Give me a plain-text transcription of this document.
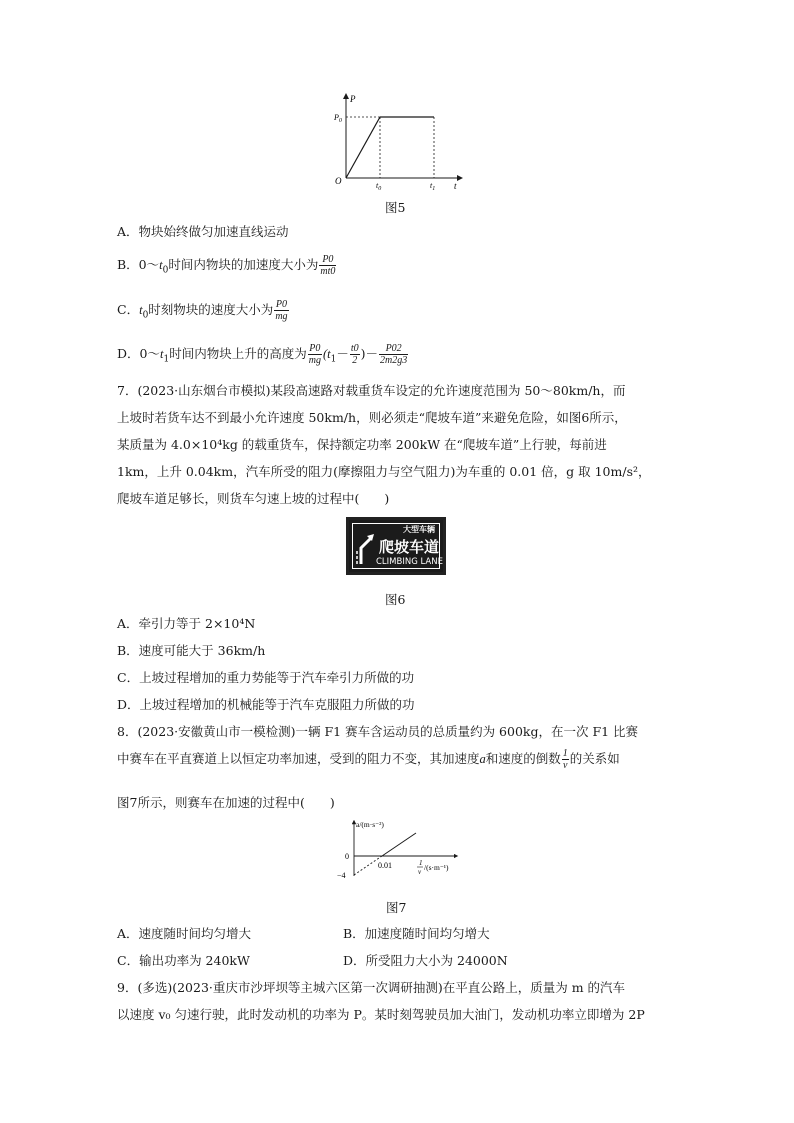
P
t
O
$P_0$
$t_0$	$t_1$
图5
A．物块始终做匀加速直线运动
B．$0\sim t_0$时间内物块的加速度大小为 $\frac{P0}{mt0}$
C．$t_0$时刻物块的速度大小为 $\frac{P0}{mg}$
D．$0\sim t_1$时间内物块上升的高度为 $\frac{P0}{mg} (t_1- \frac{t0}{2}$ )－ $\frac{P02}{2m2g3}$
7．(2023·山东烟台市模拟)某段高速路对载重货车设定的允许速度范围为 50～80km/h，而
上坡时若货车达不到最小允许速度 50km/h，则必须走“爬坡车道”来避免危险，如图6所示，
某质量为 4.0×10⁴kg 的载重货车，保持额定功率 200kW 在“爬坡车道”上行驶，每前进
1km，上升 0.04km，汽车所受的阻力(摩擦阻力与空气阻力)为车重的 0.01 倍，g 取 10m/s²，
爬坡车道足够长，则货车匀速上坡的过程中(　　)
大型车辆
爬坡车道
CLIMBING LANE
图6
A．牵引力等于 2×10⁴N
B．速度可能大于 36km/h
C．上坡过程增加的重力势能等于汽车牵引力所做的功
D．上坡过程增加的机械能等于汽车克服阻力所做的功
8．(2023·安徽黄山市一模检测)一辆 F1 赛车含运动员的总质量约为 600kg，在一次 F1 比赛
中赛车在平直赛道上以恒定功率加速，受到的阻力不变，其加速度a和速度的倒数 $\frac{1}{v}$ 的关系如
图7所示，则赛车在加速的过程中(　　)
a/(m·s⁻²)
0
−4
0.01	1
v /(s·m⁻¹)
图7
A．速度随时间均匀增大	B．加速度随时间均匀增大
C．输出功率为 240kW	D．所受阻力大小为 24000N
9．(多选)(2023·重庆市沙坪坝等主城六区第一次调研抽测)在平直公路上，质量为 m 的汽车
以速度 v₀ 匀速行驶，此时发动机的功率为 P。某时刻驾驶员加大油门，发动机功率立即增为 2P
